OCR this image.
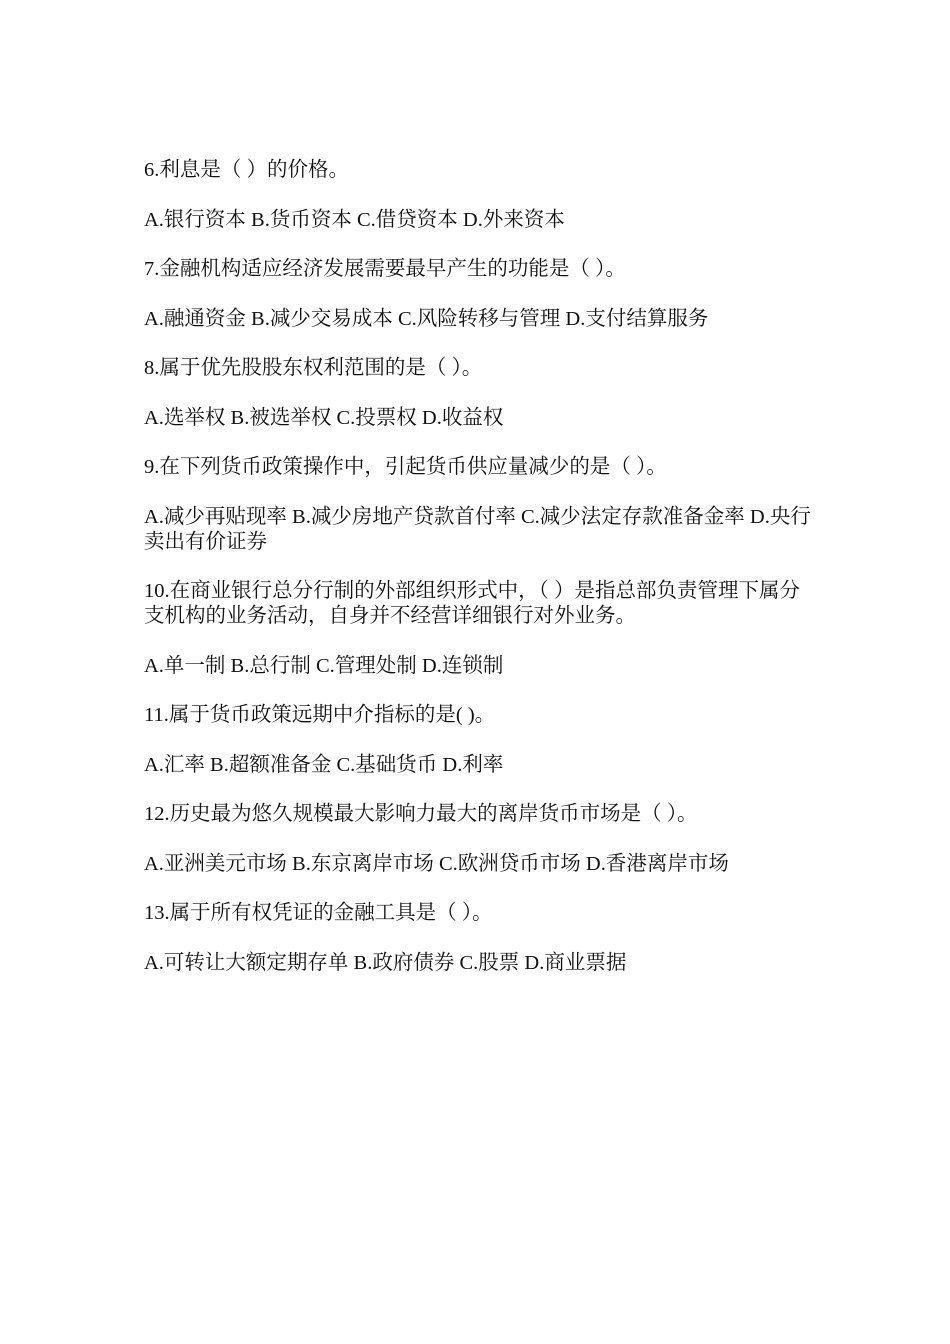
6.利息是（ ）的价格。

A.银行资本 B.货币资本 C.借贷资本 D.外来资本

7.金融机构适应经济发展需要最早产生的功能是（ ）。

A.融通资金 B.减少交易成本 C.风险转移与管理 D.支付结算服务

8.属于优先股股东权利范围的是（ ）。

A.选举权 B.被选举权 C.投票权 D.收益权

9.在下列货币政策操作中，引起货币供应量减少的是（ ）。

A.减少再贴现率 B.减少房地产贷款首付率 C.减少法定存款准备金率 D.央行卖出有价证券

10.在商业银行总分行制的外部组织形式中，（ ）是指总部负责管理下属分支机构的业务活动，自身并不经营详细银行对外业务。

A.单一制 B.总行制 C.管理处制 D.连锁制

11.属于货币政策远期中介指标的是( )。

A.汇率 B.超额准备金 C.基础货币 D.利率

12.历史最为悠久规模最大影响力最大的离岸货币市场是（ ）。

A.亚洲美元市场 B.东京离岸市场 C.欧洲贷币市场 D.香港离岸市场

13.属于所有权凭证的金融工具是（ ）。

A.可转让大额定期存单 B.政府债券 C.股票 D.商业票据
